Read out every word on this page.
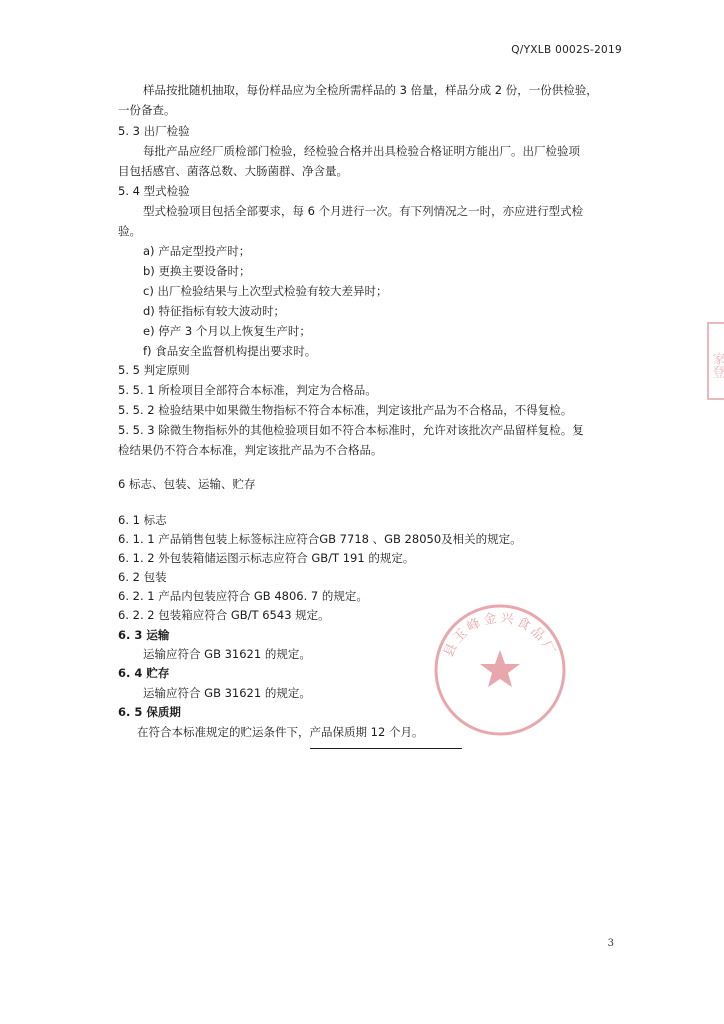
Q/YXLB 0002S-2019
样品按批随机抽取，每份样品应为全检所需样品的 3 倍量，样品分成 2 份，一份供检验，
一份备查。
5. 3 出厂检验
每批产品应经厂质检部门检验，经检验合格并出具检验合格证明方能出厂。出厂检验项
目包括感官、菌落总数、大肠菌群、净含量。
5. 4 型式检验
型式检验项目包括全部要求，每 6 个月进行一次。有下列情况之一时，亦应进行型式检
验。
a) 产品定型投产时；
b) 更换主要设备时；
c) 出厂检验结果与上次型式检验有较大差异时；
d) 特征指标有较大波动时；
e) 停产 3 个月以上恢复生产时；
f) 食品安全监督机构提出要求时。
5. 5 判定原则
5. 5. 1 所检项目全部符合本标准，判定为合格品。
5. 5. 2 检验结果中如果微生物指标不符合本标准，判定该批产品为不合格品，不得复检。
5. 5. 3 除微生物指标外的其他检验项目如不符合本标准时，允许对该批次产品留样复检。复
检结果仍不符合本标准，判定该批产品为不合格品。
6 标志、包装、运输、贮存
6. 1 标志
6. 1. 1 产品销售包装上标签标注应符合GB 7718 、GB 28050及相关的规定。
6. 1. 2 外包装箱储运图示标志应符合 GB/T 191 的规定。
6. 2 包装
6. 2. 1 产品内包装应符合 GB 4806. 7 的规定。
6. 2. 2 包装箱应符合 GB/T 6543 规定。
6. 3 运输
运输应符合 GB 31621 的规定。
6. 4 贮存
运输应符合 GB 31621 的规定。
6. 5 保质期
在符合本标准规定的贮运条件下，产品保质期 12 个月。
县玉峰金兴食品厂
家登
3
